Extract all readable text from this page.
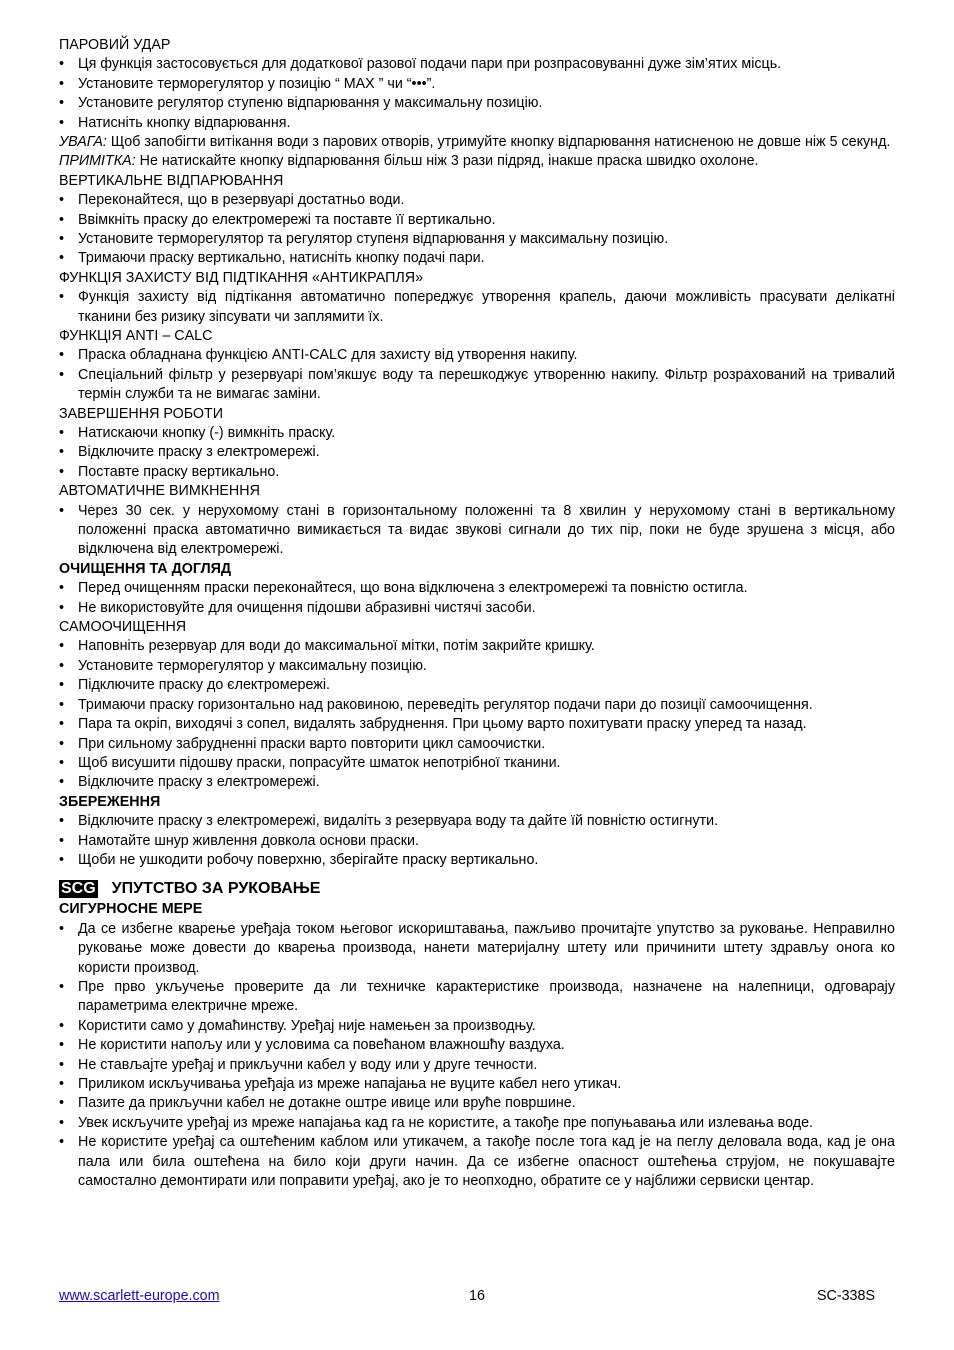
ПАРОВИЙ УДАР
• Ця функція застосовується для додаткової разової подачи пари при розпрасовуванні дуже зім’ятих місць.
• Установите терморегулятор у позицію “ MAX ” чи “•••”.
• Установите регулятор ступеню відпарювання у максимальну позицію.
• Натисніть кнопку відпарювання.
УВАГА: Щоб запобігти витікання води з парових отворів, утримуйте кнопку відпарювання натисненою не довше ніж 5 секунд.
ПРИМІТКА: Не натискайте кнопку відпарювання більш ніж 3 рази підряд, інакше праска швидко охолоне.
ВЕРТИКАЛЬНЕ ВІДПАРЮВАННЯ
• Переконайтеся, що в резервуарі достатньо води.
• Ввімкніть праску до електромережі та поставте її вертикально.
• Установите терморегулятор та регулятор ступеня відпарювання у максимальну позицію.
• Тримаючи праску вертикально, натисніть кнопку подачі пари.
ФУНКЦІЯ ЗАХИСТУ ВІД ПІДТІКАННЯ «АНТИКРАПЛЯ»
• Функція захисту від підтікання автоматично попереджує утворення крапель, даючи можливість прасувати делікатні тканини без ризику зіпсувати чи заплямити їх.
ФУНКЦІЯ ANTI – CALC
• Праска обладнана функцією ANTI-CALC для захисту від утворення накипу.
• Спеціальний фільтр у резервуарі пом’якшує воду та перешкоджує утворенню накипу. Фільтр розрахований на тривалий термін служби та не вимагає заміни.
ЗАВЕРШЕННЯ РОБОТИ
• Натискаючи кнопку (-) вимкніть праску.
• Відключите праску з електромережі.
• Поставте праску вертикально.
АВТОМАТИЧНЕ ВИМКНЕННЯ
• Через 30 сек. у нерухомому стані в горизонтальному положенні та 8 хвилин у нерухомому стані в вертикальному положенні праска автоматично вимикається та видає звукові сигнали до тих пір, поки не буде зрушена з місця, або відключена від електромережі.
ОЧИЩЕННЯ ТА ДОГЛЯД
• Перед очищенням праски переконайтеся, що вона відключена з електромережі та повністю остигла.
• Не використовуйте для очищення підошви абразивні чистячі засоби.
САМООЧИЩЕННЯ
• Наповніть резервуар для води до максимальної мітки, потім закрийте кришку.
• Установите терморегулятор у максимальну позицію.
• Підключите праску до єлектромережі.
• Тримаючи праску горизонтально над раковиною, переведіть регулятор подачи пари до позиції самоочищення.
• Пара та окріп, виходячі з сопел, видалять забруднення. При цьому варто похитувати праску уперед та назад.
• При сильному забрудненні праски варто повторити цикл самоочистки.
• Щоб висушити підошву праски, попрасуйте шматок непотрібної тканини.
• Відключите праску з електромережі.
ЗБЕРЕЖЕННЯ
• Відключите праску з електромережі, видаліть з резервуара воду та дайте їй повністю остигнути.
• Намотайте шнур живлення довкола основи праски.
• Щоби не ушкодити робочу поверхню, зберігайте праску вертикально.
SCG УПУТСТВО ЗА РУКОВАЊЕ
СИГУРНОСНЕ МЕРЕ
• Да се избегне кварење уређаја током његовог искориштавања, пажљиво прочитајте упутство за руковање. Неправилно руковање може довести до кварења производа, нанети материјалну штету или причинити штету здрављу онога ко користи производ.
• Пре прво укључење проверите да ли техничке карактеристике производа, назначене на налепници, одговарају параметрима електричне мреже.
• Користити само у домаћинству. Уређај није намењен за производњу.
• Не користити напољу или у условима са повећаном влажношћу ваздуха.
• Не стављајте уређај и прикључни кабел у воду или у друге течности.
• Приликом искључивања уређаја из мреже напајања не вуците кабел него утикач.
• Пазите да прикључни кабел не дотакне оштре ивице или вруће површине.
• Увек искључите уређај из мреже напајања кад га не користите, а такође пре попуњавања или излевања воде.
• Не користите уређај са оштећеним каблом или утикачем, а такође после тога кад је на пеглу деловала вода, кад је она пала или била оштећена на било који други начин. Да се избегне опасност оштећења струјом, не покушавајте самостално демонтирати или поправити уређај, ако је то неопходно, обратите се у најближи сервиски центар.
www.scarlett-europe.com	16	SC-338S
